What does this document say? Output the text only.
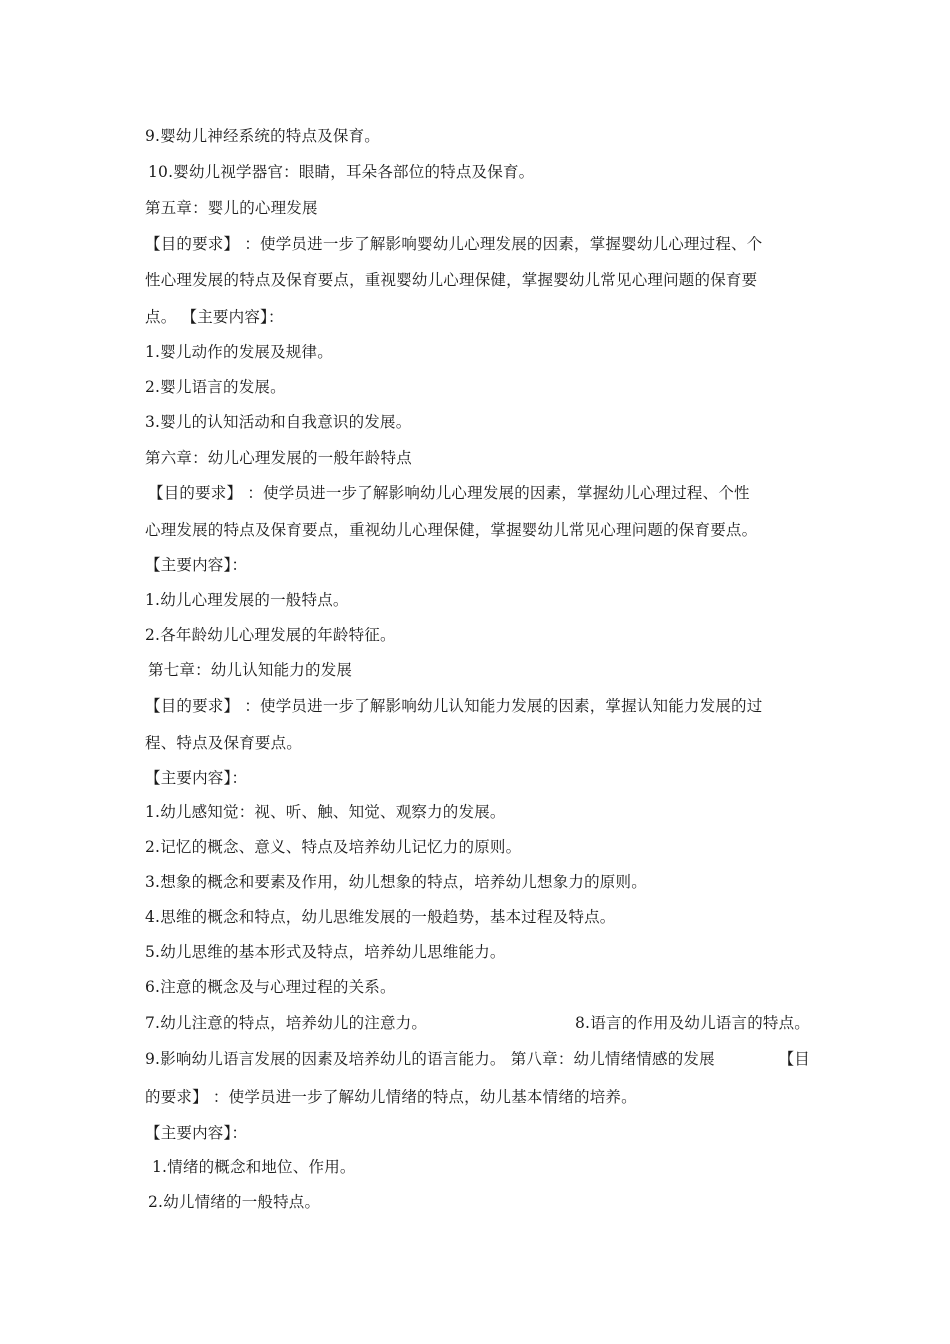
9.婴幼儿神经系统的特点及保育。
10.婴幼儿视学器官：眼睛，耳朵各部位的特点及保育。
第五章：婴儿的心理发展
【目的要求】 ：使学员进一步了解影响婴幼儿心理发展的因素，掌握婴幼儿心理过程、个
性心理发展的特点及保育要点，重视婴幼儿心理保健，掌握婴幼儿常见心理问题的保育要
点。 【主要内容】：
1.婴儿动作的发展及规律。
2.婴儿语言的发展。
3.婴儿的认知活动和自我意识的发展。
第六章：幼儿心理发展的一般年龄特点
【目的要求】 ：使学员进一步了解影响幼儿心理发展的因素，掌握幼儿心理过程、个性
心理发展的特点及保育要点，重视幼儿心理保健，掌握婴幼儿常见心理问题的保育要点。
【主要内容】：
1.幼儿心理发展的一般特点。
2.各年龄幼儿心理发展的年龄特征。
第七章：幼儿认知能力的发展
【目的要求】 ：使学员进一步了解影响幼儿认知能力发展的因素，掌握认知能力发展的过
程、特点及保育要点。
【主要内容】：
1.幼儿感知觉：视、听、触、知觉、观察力的发展。
2.记忆的概念、意义、特点及培养幼儿记忆力的原则。
3.想象的概念和要素及作用，幼儿想象的特点，培养幼儿想象力的原则。
4.思维的概念和特点，幼儿思维发展的一般趋势，基本过程及特点。
5.幼儿思维的基本形式及特点，培养幼儿思维能力。
6.注意的概念及与心理过程的关系。
7.幼儿注意的特点，培养幼儿的注意力。	8.语言的作用及幼儿语言的特点。
9.影响幼儿语言发展的因素及培养幼儿的语言能力。 第八章：幼儿情绪情感的发展	【目
的要求】 ：使学员进一步了解幼儿情绪的特点，幼儿基本情绪的培养。
【主要内容】：
1.情绪的概念和地位、作用。
2.幼儿情绪的一般特点。
